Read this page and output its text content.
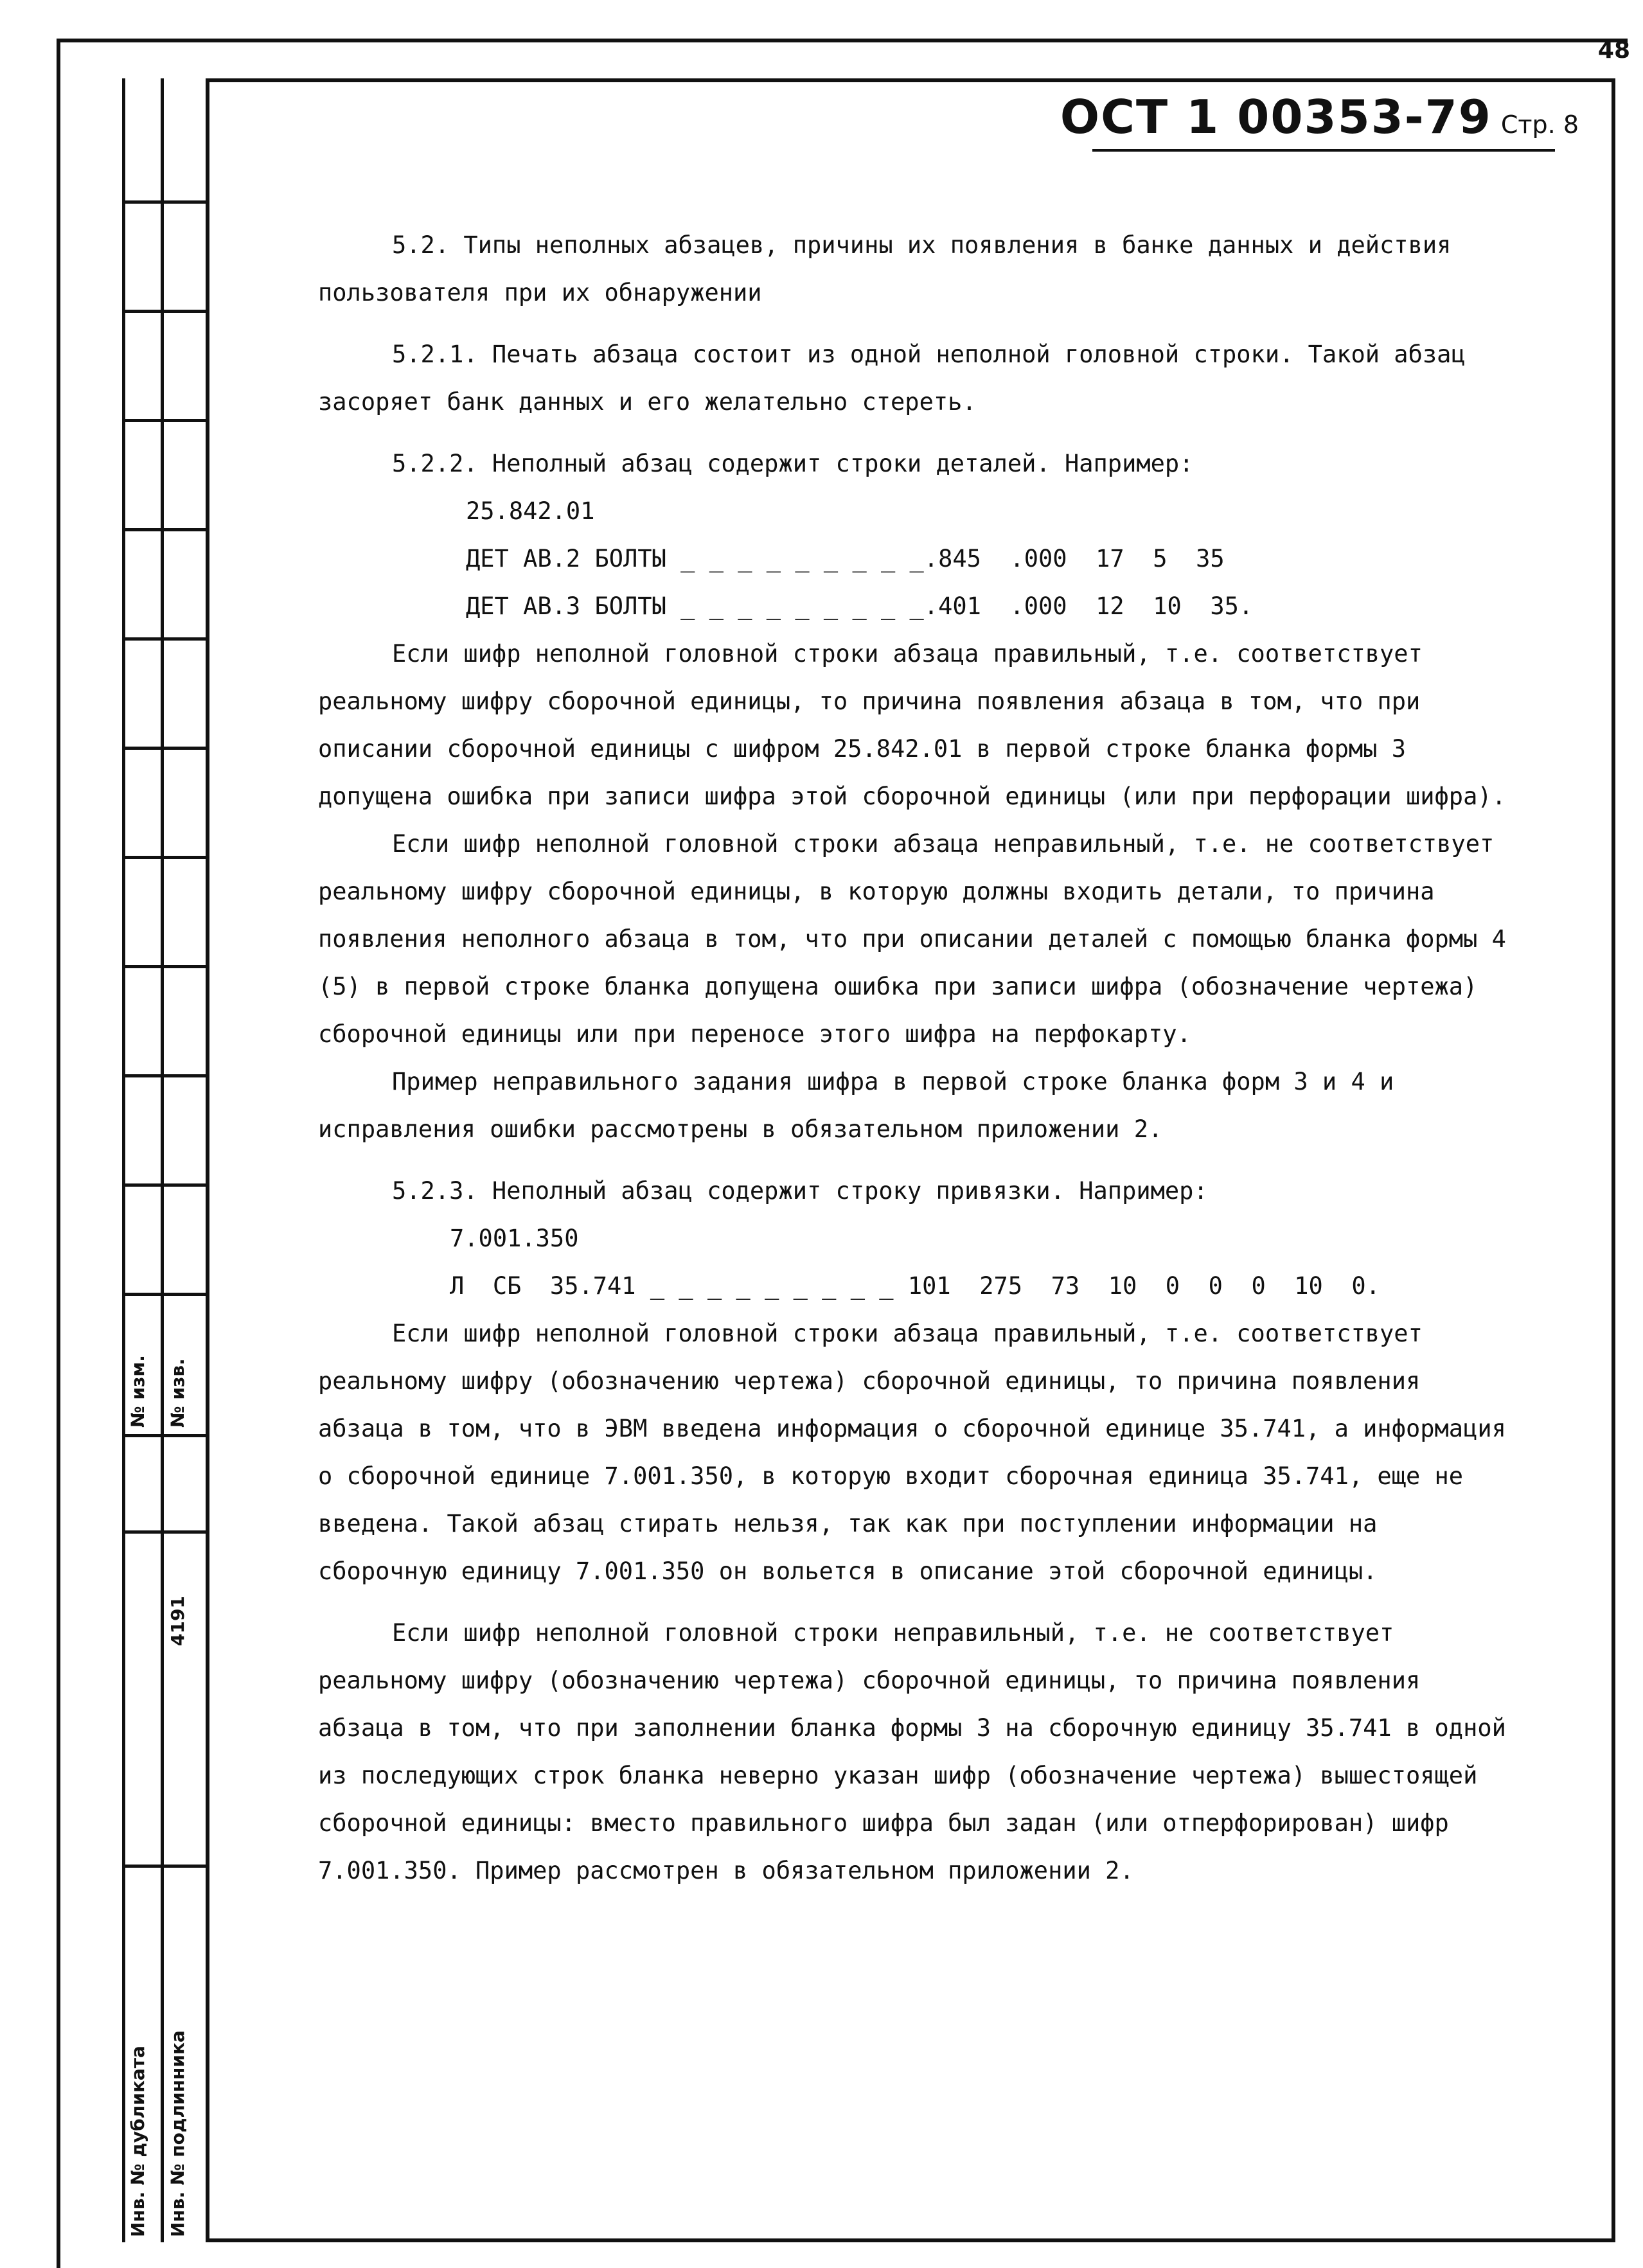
48
№ изм. № изв.
4191
Инв. № дубликата Инв. № подлинника
ОСТ 1 00353-79 Стр. 8

5.2. Типы неполных абзацев, причины их появления в банке данных и действия пользователя при их обнаружении

5.2.1. Печать абзаца состоит из одной неполной головной строки. Такой абзац засоряет банк данных и его желательно стереть.

5.2.2. Неполный абзац содержит строки деталей. Например:

25.842.01
ДЕТ АВ.2 БОЛТЫ _ _ _ _ _ _ _ _ _.845  .000  17  5  35
ДЕТ АВ.3 БОЛТЫ _ _ _ _ _ _ _ _ _.401  .000  12  10  35.

Если шифр неполной головной строки абзаца правильный, т.е. соответствует реальному шифру сборочной единицы, то причина появления абзаца в том, что при описании сборочной единицы с шифром 25.842.01 в первой строке бланка формы 3 допущена ошибка при записи шифра этой сборочной единицы (или при перфорации шифра).

Если шифр неполной головной строки абзаца неправильный, т.е. не соответствует реальному шифру сборочной единицы, в которую должны входить детали, то причина появления неполного абзаца в том, что при описании деталей с помощью бланка формы 4 (5) в первой строке бланка допущена ошибка при записи шифра (обозначение чертежа) сборочной единицы или при переносе этого шифра на перфокарту.

Пример неправильного задания шифра в первой строке бланка форм 3 и 4 и исправления ошибки рассмотрены в обязательном приложении 2.

5.2.3. Неполный абзац содержит строку привязки. Например:

7.001.350
Л  СБ  35.741 _ _ _ _ _ _ _ _ _ 101  275  73  10  0  0  0  10  0.

Если шифр неполной головной строки абзаца правильный, т.е. соответствует реальному шифру (обозначению чертежа) сборочной единицы, то причина появления абзаца в том, что в ЭВМ введена информация о сборочной единице 35.741, а информация о сборочной единице 7.001.350, в которую входит сборочная единица 35.741, еще не введена. Такой абзац стирать нельзя, так как при поступлении информации на сборочную единицу 7.001.350 он вольется в описание этой сборочной единицы.

Если шифр неполной головной строки неправильный, т.е. не соответствует реальному шифру (обозначению чертежа) сборочной единицы, то причина появления абзаца в том, что при заполнении бланка формы 3 на сборочную единицу 35.741 в одной из последующих строк бланка неверно указан шифр (обозначение чертежа) вышестоящей сборочной единицы: вместо правильного шифра был задан (или отперфорирован) шифр 7.001.350. Пример рассмотрен в обязательном приложении 2.
